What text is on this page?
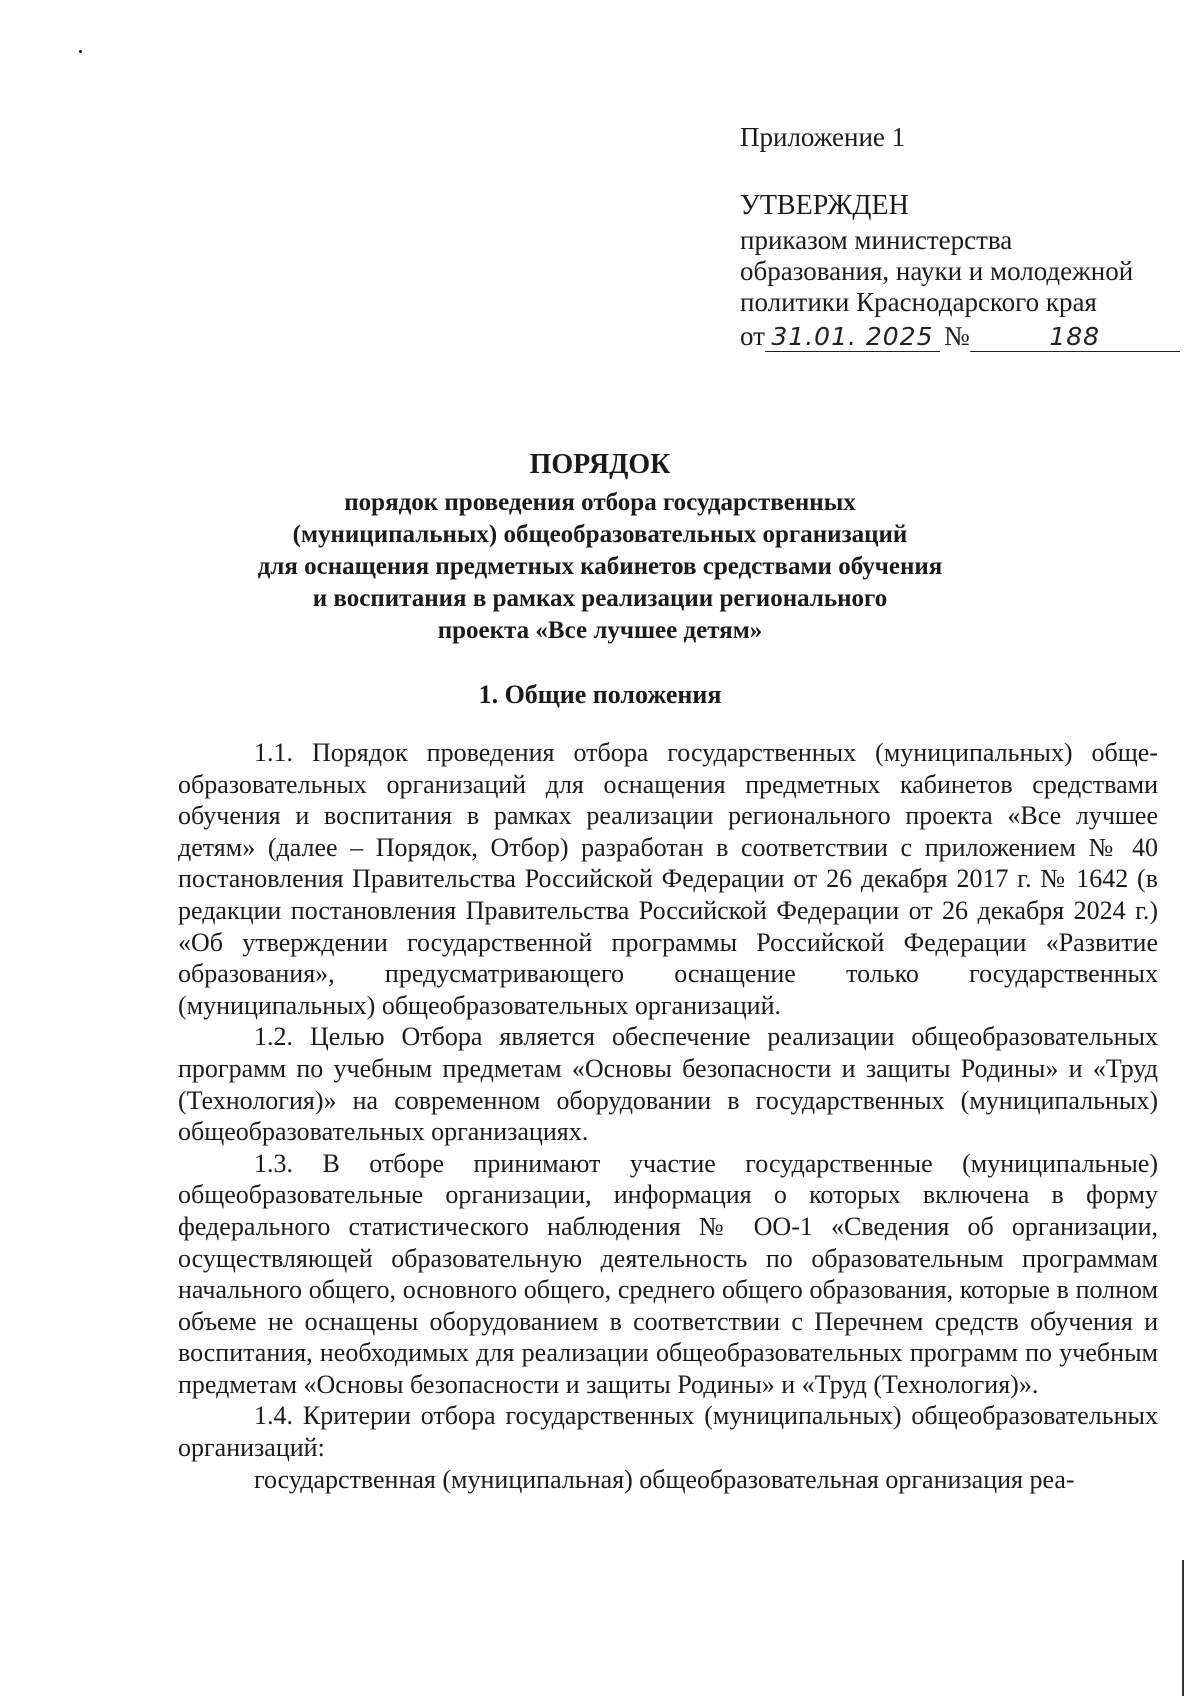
Приложение 1

УТВЕРЖДЕН

приказом министерства

образования, науки и молодежной

политики Краснодарского края

от 31.01. 2025 №	188

ПОРЯДОК

порядок проведения отбора государственных

(муниципальных) общеобразовательных организаций

для оснащения предметных кабинетов средствами обучения

и воспитания в рамках реализации регионального

проекта «Все лучшее детям»

1. Общие положения

1.1. Порядок проведения отбора государственных (муниципальных) общеобразовательных организаций для оснащения предметных кабинетов средствами обучения и воспитания в рамках реализации регионального проекта «Все лучшее детям» (далее – Порядок, Отбор) разработан в соответствии с приложением № 40 постановления Правительства Российской Федерации от 26 декабря 2017 г. № 1642 (в редакции постановления Правительства Российской Федерации от 26 декабря 2024 г.) «Об утверждении государственной программы Российской Федерации «Развитие образования», предусматривающего оснащение только государственных (муниципальных) общеобразовательных организаций.

1.2. Целью Отбора является обеспечение реализации общеобразовательных программ по учебным предметам «Основы безопасности и защиты Родины» и «Труд (Технология)» на современном оборудовании в государственных (муниципальных) общеобразовательных организациях.

1.3. В отборе принимают участие государственные (муниципальные) общеобразовательные организации, информация о которых включена в форму федерального статистического наблюдения № ОО-1 «Сведения об организации, осуществляющей образовательную деятельность по образовательным программам начального общего, основного общего, среднего общего образования, которые в полном объеме не оснащены оборудованием в соответствии с Перечнем средств обучения и воспитания, необходимых для реализации общеобразовательных программ по учебным предметам «Основы безопасности и защиты Родины» и «Труд (Технология)».

1.4. Критерии отбора государственных (муниципальных) общеобразовательных организаций:

государственная (муниципальная) общеобразовательная организация реа-
